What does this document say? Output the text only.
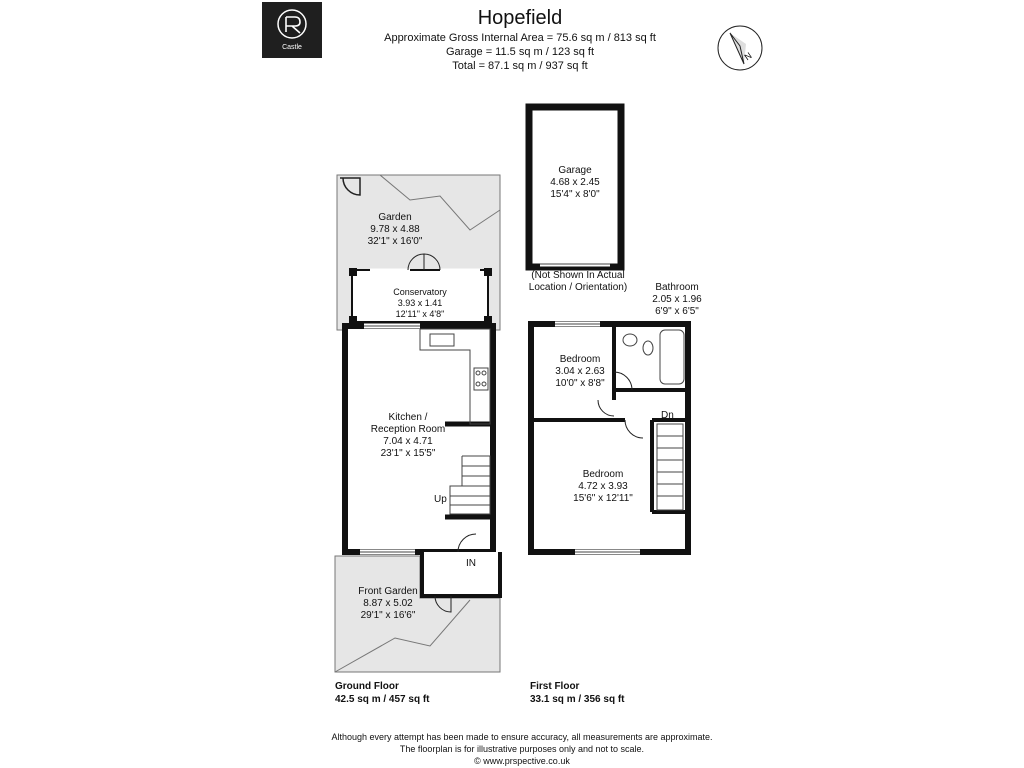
Castle
Hopefield
Approximate Gross Internal Area = 75.6 sq m / 813 sq ft
Garage = 11.5 sq m / 123 sq ft
Total = 87.1 sq m / 937 sq ft
N
Garden
9.78 x 4.88
32'1" x 16'0"
Conservatory
3.93 x 1.41
12'11" x 4'8"
Kitchen /
Reception Room
7.04 x 4.71
23'1" x 15'5"
Up
IN
Front Garden
8.87 x 5.02
29'1" x 16'6"
Garage
4.68 x 2.45
15'4" x 8'0"
(Not Shown In Actual
Location / Orientation)	Bathroom
2.05 x 1.96
6'9" x 6'5"
Bedroom
3.04 x 2.63
10'0" x 8'8"
Dn
Bedroom
4.72 x 3.93
15'6" x 12'11"
Ground Floor
42.5 sq m / 457 sq ft
First Floor
33.1 sq m / 356 sq ft
Although every attempt has been made to ensure accuracy, all measurements are approximate.
The floorplan is for illustrative purposes only and not to scale.
© www.prspective.co.uk
